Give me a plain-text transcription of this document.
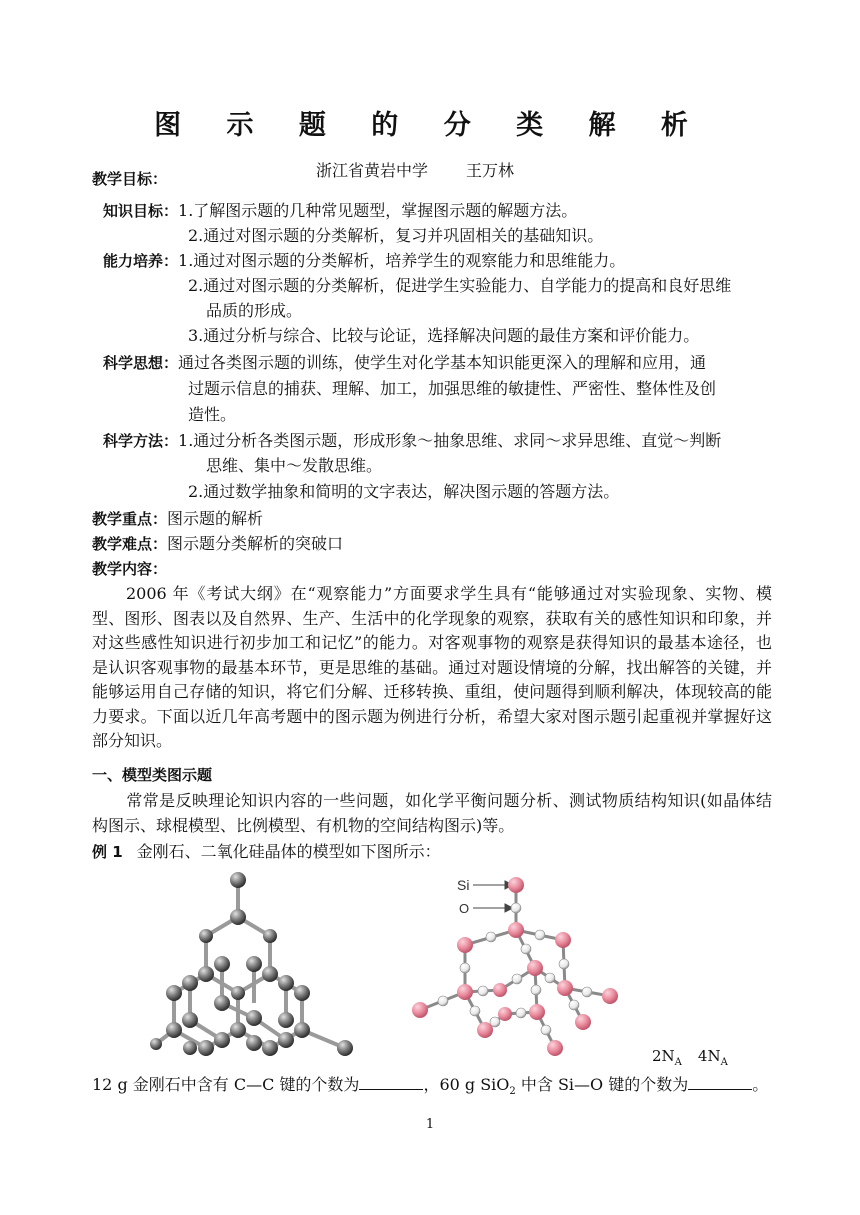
图 示 题 的 分 类 解 析
浙江省黄岩中学 王万林
教学目标：
知识目标：1.了解图示题的几种常见题型，掌握图示题的解题方法。
2.通过对图示题的分类解析，复习并巩固相关的基础知识。
能力培养：1.通过对图示题的分类解析，培养学生的观察能力和思维能力。
2.通过对图示题的分类解析，促进学生实验能力、自学能力的提高和良好思维
品质的形成。
3.通过分析与综合、比较与论证，选择解决问题的最佳方案和评价能力。
科学思想：通过各类图示题的训练，使学生对化学基本知识能更深入的理解和应用，通
过题示信息的捕获、理解、加工，加强思维的敏捷性、严密性、整体性及创
造性。
科学方法：1.通过分析各类图示题，形成形象～抽象思维、求同～求异思维、直觉～判断
思维、集中～发散思维。
2.通过数学抽象和简明的文字表达，解决图示题的答题方法。
教学重点：图示题的解析
教学难点：图示题分类解析的突破口
教学内容：
2006 年《考试大纲》在“观察能力”方面要求学生具有“能够通过对实验现象、实物、模型、图形、图表以及自然界、生产、生活中的化学现象的观察，获取有关的感性知识和印象，并对这些感性知识进行初步加工和记忆”的能力。对客观事物的观察是获得知识的最基本途径，也是认识客观事物的最基本环节，更是思维的基础。通过对题设情境的分解，找出解答的关键，并能够运用自己存储的知识，将它们分解、迁移转换、重组，使问题得到顺利解决，体现较高的能力要求。下面以近几年高考题中的图示题为例进行分析，希望大家对图示题引起重视并掌握好这部分知识。
一、模型类图示题
常常是反映理论知识内容的一些问题，如化学平衡问题分析、测试物质结构知识(如晶体结构图示、球棍模型、比例模型、有机物的空间结构图示)等。
例 1 金刚石、二氧化硅晶体的模型如下图所示：
Si
O
$2N_A$ $4N_A$
12 g 金刚石中含有 C—C 键的个数为	，60 g SiO$_2$ 中含 Si—O 键的个数为	。
1
